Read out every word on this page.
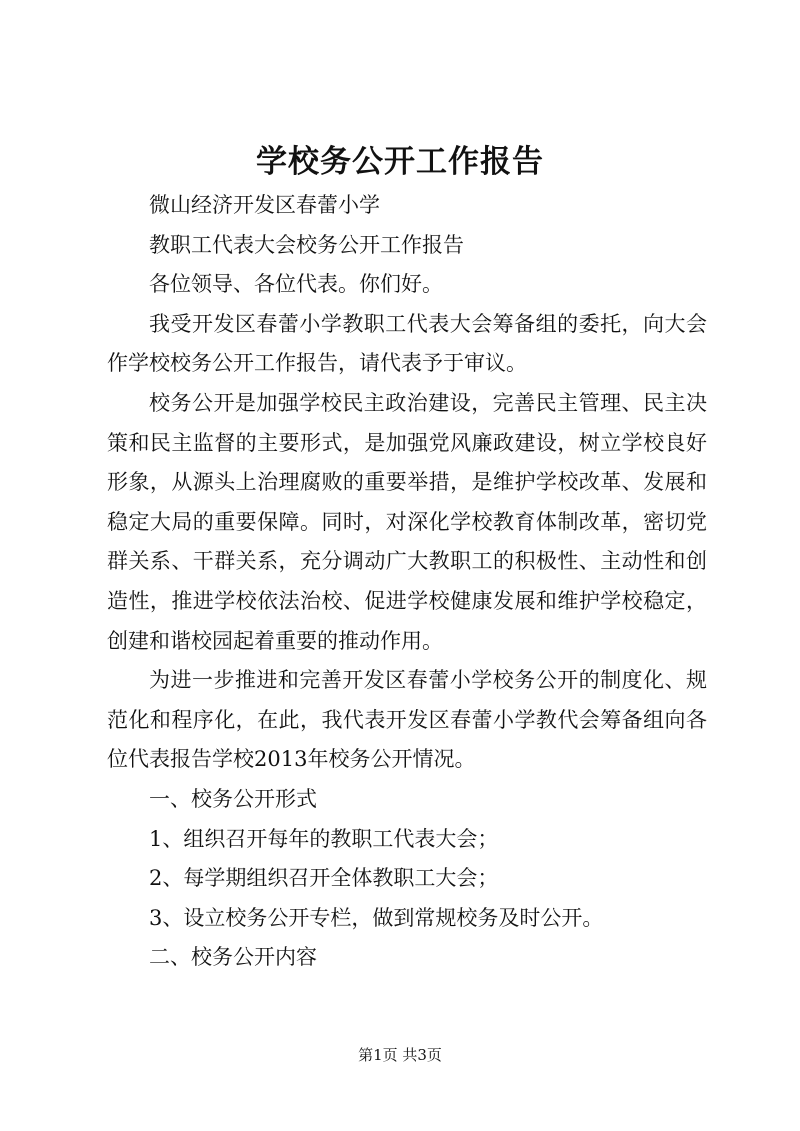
学校务公开工作报告

微山经济开发区春蕾小学

教职工代表大会校务公开工作报告

各位领导、各位代表。你们好。

我受开发区春蕾小学教职工代表大会筹备组的委托，向大会作学校校务公开工作报告，请代表予于审议。

校务公开是加强学校民主政治建设，完善民主管理、民主决策和民主监督的主要形式，是加强党风廉政建设，树立学校良好形象，从源头上治理腐败的重要举措，是维护学校改革、发展和稳定大局的重要保障。同时，对深化学校教育体制改革，密切党群关系、干群关系，充分调动广大教职工的积极性、主动性和创造性，推进学校依法治校、促进学校健康发展和维护学校稳定，创建和谐校园起着重要的推动作用。

为进一步推进和完善开发区春蕾小学校务公开的制度化、规范化和程序化，在此，我代表开发区春蕾小学教代会筹备组向各位代表报告学校2013年校务公开情况。

一、校务公开形式

1、组织召开每年的教职工代表大会；

2、每学期组织召开全体教职工大会；

3、设立校务公开专栏，做到常规校务及时公开。

二、校务公开内容

第1页 共3页
